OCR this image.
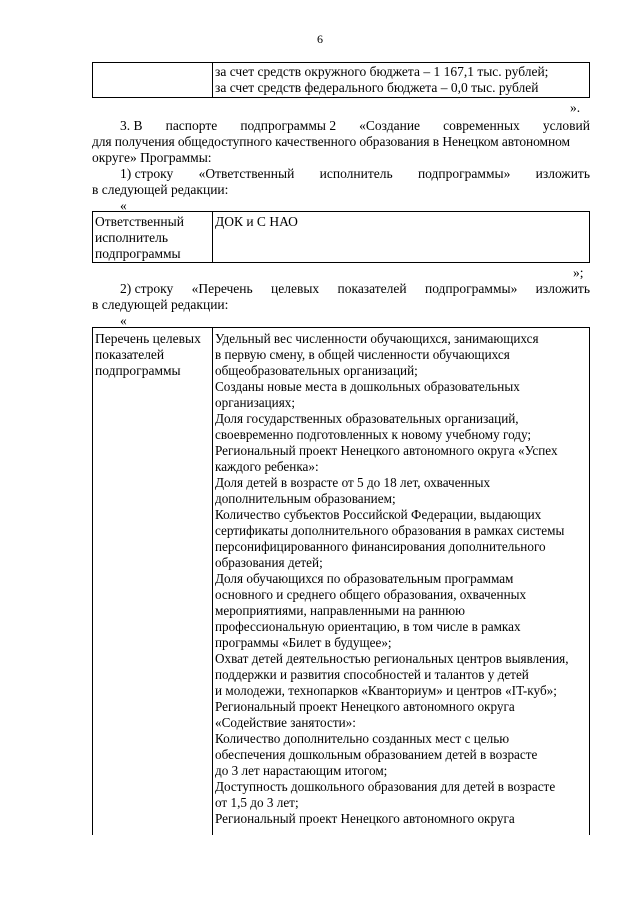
6
за счет средств окружного бюджета – 1 167,1 тыс. рублей;
за счет средств федерального бюджета – 0,0 тыс. рублей
».
3. В паспорте подпрограммы 2 «Создание современных условий
для получения общедоступного качественного образования в Ненецком автономном
округе» Программы:
1) строку «Ответственный исполнитель подпрограммы» изложить
в следующей редакции:
«
Ответственный
исполнитель
подпрограммы
ДОК и С НАО
»;
2) строку «Перечень целевых показателей подпрограммы» изложить
в следующей редакции:
«
Перечень целевых
показателей
подпрограммы
Удельный вес численности обучающихся, занимающихся
в первую смену, в общей численности обучающихся
общеобразовательных организаций;
Созданы новые места в дошкольных образовательных
организациях;
Доля государственных образовательных организаций,
своевременно подготовленных к новому учебному году;
Региональный проект Ненецкого автономного округа «Успех
каждого ребенка»:
Доля детей в возрасте от 5 до 18 лет, охваченных
дополнительным образованием;
Количество субъектов Российской Федерации, выдающих
сертификаты дополнительного образования в рамках системы
персонифицированного финансирования дополнительного
образования детей;
Доля обучающихся по образовательным программам
основного и среднего общего образования, охваченных
мероприятиями, направленными на раннюю
профессиональную ориентацию, в том числе в рамках
программы «Билет в будущее»;
Охват детей деятельностью региональных центров выявления,
поддержки и развития способностей и талантов у детей
и молодежи, технопарков «Кванториум» и центров «IT-куб»;
Региональный проект Ненецкого автономного округа
«Содействие занятости»:
Количество дополнительно созданных мест с целью
обеспечения дошкольным образованием детей в возрасте
до 3 лет нарастающим итогом;
Доступность дошкольного образования для детей в возрасте
от 1,5 до 3 лет;
Региональный проект Ненецкого автономного округа
